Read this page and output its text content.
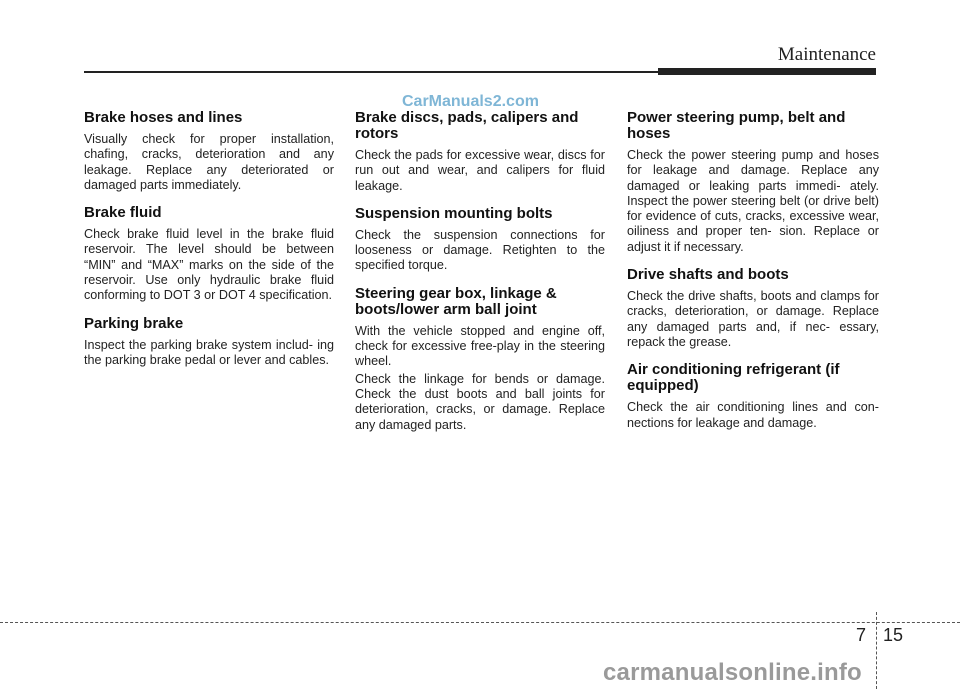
Maintenance
CarManuals2.com
Brake hoses and lines

Visually check for proper installation, chafing, cracks, deterioration and any leakage. Replace any deteriorated or damaged parts immediately.

Brake fluid

Check brake fluid level in the brake fluid reservoir. The level should be between “MIN” and “MAX” marks on the side of the reservoir. Use only hydraulic brake fluid conforming to DOT 3 or DOT 4 specification.

Parking brake

Inspect the parking brake system includ- ing the parking brake pedal or lever and cables.

Brake discs, pads, calipers and rotors

Check the pads for excessive wear, discs for run out and wear, and calipers for fluid leakage.

Suspension mounting bolts

Check the suspension connections for looseness or damage. Retighten to the specified torque.

Steering gear box, linkage & boots/lower arm ball joint

With the vehicle stopped and engine off, check for excessive free-play in the steering wheel.

Check the linkage for bends or damage. Check the dust boots and ball joints for deterioration, cracks, or damage. Replace any damaged parts.

Power steering pump, belt and hoses

Check the power steering pump and hoses for leakage and damage. Replace any damaged or leaking parts immedi- ately. Inspect the power steering belt (or drive belt) for evidence of cuts, cracks, excessive wear, oiliness and proper ten- sion. Replace or adjust it if necessary.

Drive shafts and boots

Check the drive shafts, boots and clamps for cracks, deterioration, or damage. Replace any damaged parts and, if nec- essary, repack the grease.

Air conditioning refrigerant (if equipped)

Check the air conditioning lines and con- nections for leakage and damage.

7 15
carmanualsonline.info
